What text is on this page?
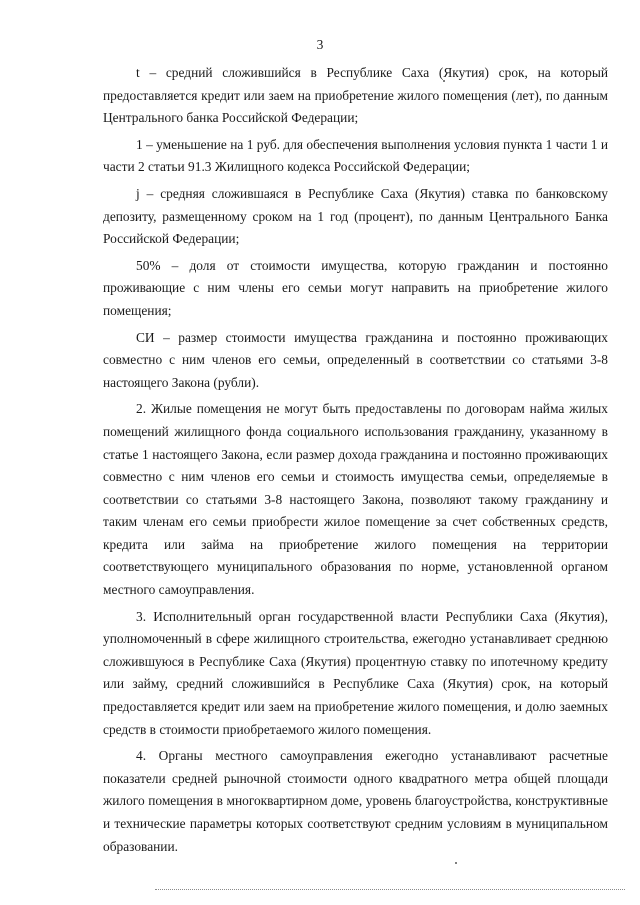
3

t – средний сложившийся в Республике Саха (Якутия) срок, на который предоставляется кредит или заем на приобретение жилого помещения (лет), по данным Центрального банка Российской Федерации;

1 – уменьшение на 1 руб. для обеспечения выполнения условия пункта 1 части 1 и части 2 статьи 91.3 Жилищного кодекса Российской Федерации;

j – средняя сложившаяся в Республике Саха (Якутия) ставка по банковскому депозиту, размещенному сроком на 1 год (процент), по данным Центрального Банка Российской Федерации;

50% – доля от стоимости имущества, которую гражданин и постоянно проживающие с ним члены его семьи могут направить на приобретение жилого помещения;

СИ – размер стоимости имущества гражданина и постоянно проживающих совместно с ним членов его семьи, определенный в соответствии со статьями 3-8 настоящего Закона (рубли).

2. Жилые помещения не могут быть предоставлены по договорам найма жилых помещений жилищного фонда социального использования гражданину, указанному в статье 1 настоящего Закона, если размер дохода гражданина и постоянно проживающих совместно с ним членов его семьи и стоимость имущества семьи, определяемые в соответствии со статьями 3-8 настоящего Закона, позволяют такому гражданину и таким членам его семьи приобрести жилое помещение за счет собственных средств, кредита или займа на приобретение жилого помещения на территории соответствующего муниципального образования по норме, установленной органом местного самоуправления.

3. Исполнительный орган государственной власти Республики Саха (Якутия), уполномоченный в сфере жилищного строительства, ежегодно устанавливает среднюю сложившуюся в Республике Саха (Якутия) процентную ставку по ипотечному кредиту или займу, средний сложившийся в Республике Саха (Якутия) срок, на который предоставляется кредит или заем на приобретение жилого помещения, и долю заемных средств в стоимости приобретаемого жилого помещения.

4. Органы местного самоуправления ежегодно устанавливают расчетные показатели средней рыночной стоимости одного квадратного метра общей площади жилого помещения в многоквартирном доме, уровень благоустройства, конструктивные и технические параметры которых соответствуют средним условиям в муниципальном образовании.
